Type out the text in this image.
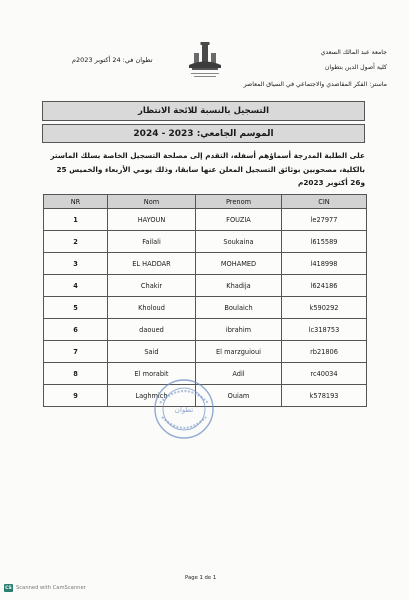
جامعة عبد المالك السعدي
كلية أصول الدين بتطوان
ماستر: الفكر المقاصدي والاجتماعي في السياق المعاصر
تطوان في: 24 أكتوبر 2023م
التسجيل بالنسبة للائحة الانتظار
الموسم الجامعي: 2023 - 2024
على الطلبة المدرجة أسماؤهم أسفله، التقدم إلى مصلحة التسجيل الخاصة بسلك الماستر بالكلية، مصحوبين بوثائق التسجيل المعلن عنها سابقا، وذلك يومي الأربعاء والخميس 25 و26 أكتوبر 2023م
NR	Nom	Prenom	CIN
1	HAYOUN	FOUZIA	le27977
2	Failali	Soukaina	l615589
3	EL HADDAR	MOHAMED	l418998
4	Chakir	Khadija	l624186
5	Kholoud	Boulaich	k590292
6	daoued	ibrahim	lc318753
7	Said	El marzguioui	rb21806
8	El morabit	Adil	rc40034
9	Laghmich	Ouiam	k578193
تطوان
Page 1 de 1
CS Scanned with CamScanner
